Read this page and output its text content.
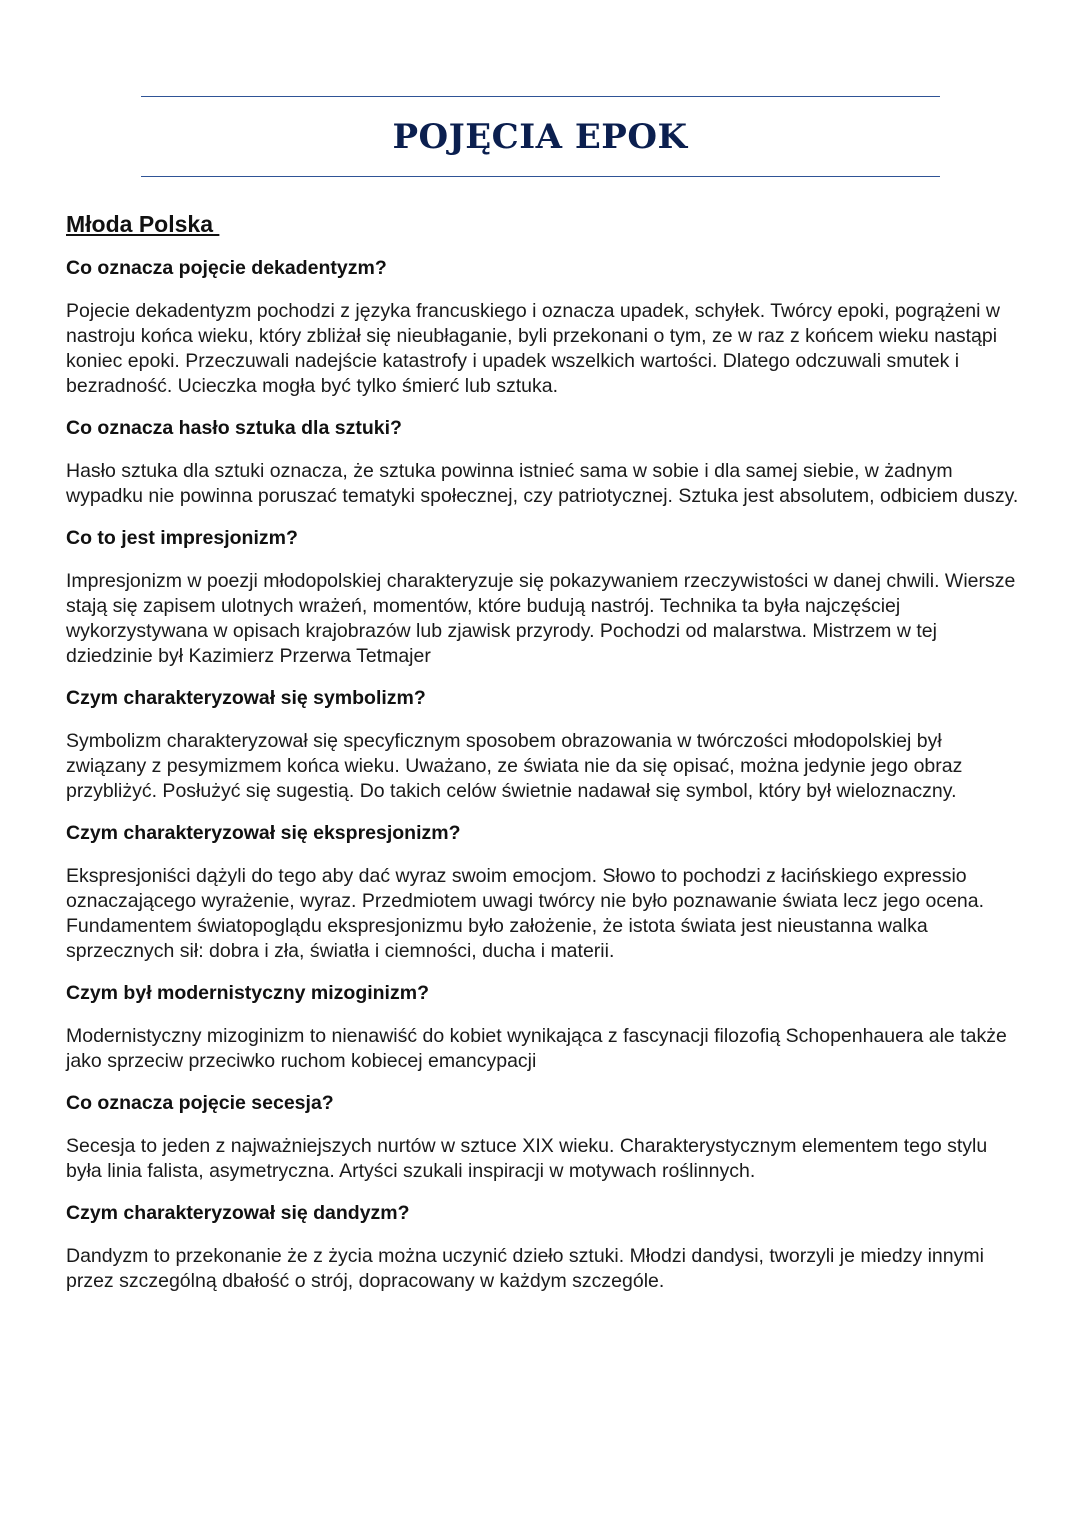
POJĘCIA EPOK
Młoda Polska

Co oznacza pojęcie dekadentyzm?

Pojecie dekadentyzm pochodzi z języka francuskiego i oznacza upadek, schyłek. Twórcy epoki, pogrążeni w nastroju końca wieku, który zbliżał się nieubłaganie, byli przekonani o tym, ze w raz z końcem wieku nastąpi koniec epoki. Przeczuwali nadejście katastrofy i upadek wszelkich wartości. Dlatego odczuwali smutek i bezradność. Ucieczka mogła być tylko śmierć lub sztuka.

Co oznacza hasło sztuka dla sztuki?

Hasło sztuka dla sztuki oznacza, że sztuka powinna istnieć sama w sobie i dla samej siebie, w żadnym wypadku nie powinna poruszać tematyki społecznej, czy patriotycznej. Sztuka jest absolutem, odbiciem duszy.

Co to jest impresjonizm?

Impresjonizm w poezji młodopolskiej charakteryzuje się pokazywaniem rzeczywistości w danej chwili. Wiersze stają się zapisem ulotnych wrażeń, momentów, które budują nastrój. Technika ta była najczęściej wykorzystywana w opisach krajobrazów lub zjawisk przyrody. Pochodzi od malarstwa. Mistrzem w tej dziedzinie był Kazimierz Przerwa Tetmajer

Czym charakteryzował się symbolizm?

Symbolizm charakteryzował się specyficznym sposobem obrazowania w twórczości młodopolskiej był związany z pesymizmem końca wieku. Uważano, ze świata nie da się opisać, można jedynie jego obraz przybliżyć. Posłużyć się sugestią. Do takich celów świetnie nadawał się symbol, który był wieloznaczny.

Czym charakteryzował się ekspresjonizm?

Ekspresjoniści dążyli do tego aby dać wyraz swoim emocjom. Słowo to pochodzi z łacińskiego expressio oznaczającego wyrażenie, wyraz. Przedmiotem uwagi twórcy nie było poznawanie świata lecz jego ocena. Fundamentem światopoglądu ekspresjonizmu było założenie, że istota świata jest nieustanna walka sprzecznych sił: dobra i zła, światła i ciemności, ducha i materii.

Czym był modernistyczny mizoginizm?

Modernistyczny mizoginizm to nienawiść do kobiet wynikająca z fascynacji filozofią Schopenhauera ale także jako sprzeciw przeciwko ruchom kobiecej emancypacji

Co oznacza pojęcie secesja?

Secesja to jeden z najważniejszych nurtów w sztuce XIX wieku. Charakterystycznym elementem tego stylu była linia falista, asymetryczna. Artyści szukali inspiracji w motywach roślinnych.

Czym charakteryzował się dandyzm?

Dandyzm to przekonanie że z życia można uczynić dzieło sztuki. Młodzi dandysi, tworzyli je miedzy innymi przez szczególną dbałość o strój, dopracowany w każdym szczególe.
